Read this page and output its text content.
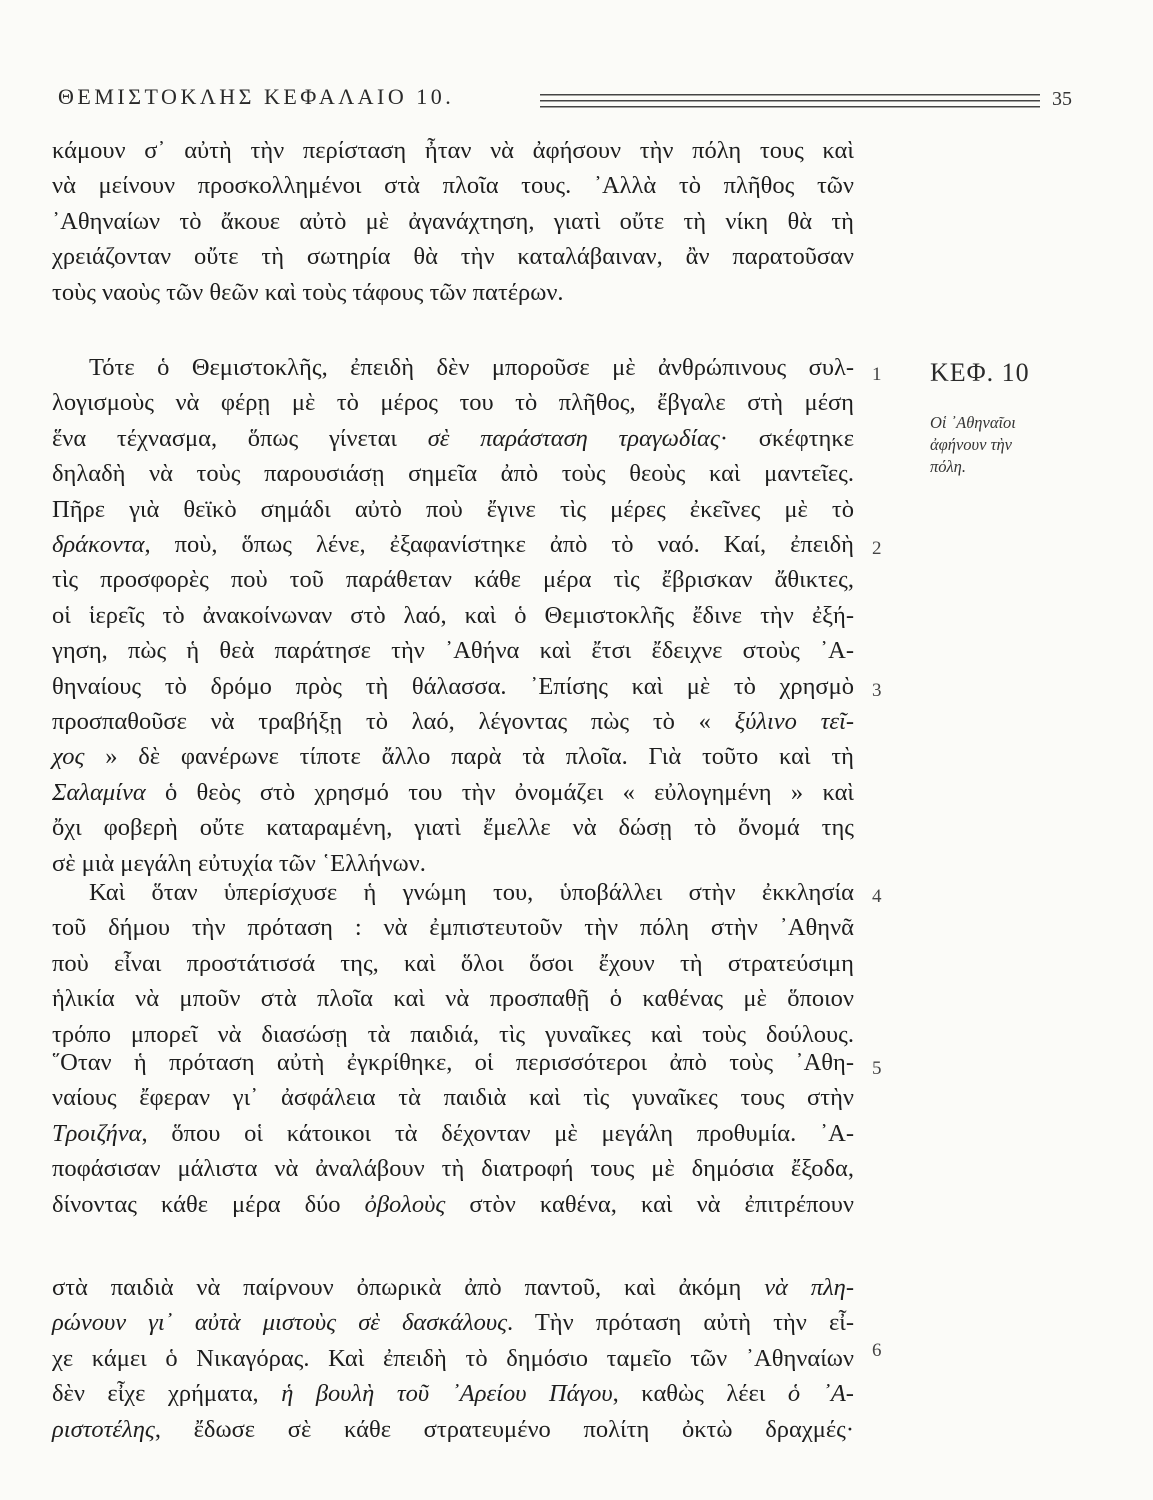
ΘΕΜΙΣΤΟΚΛΗΣ ΚΕΦΑΛΑΙΟ 10.	35
κάμουν σ᾿ αὐτὴ τὴν περίσταση ἦταν νὰ ἀφήσουν τὴν πόλη τους καὶ
νὰ μείνουν προσκολλημένοι στὰ πλοῖα τους. ᾿Αλλὰ τὸ πλῆθος τῶν
᾿Αθηναίων τὸ ἄκουε αὐτὸ μὲ ἀγανάχτηση, γιατὶ οὔτε τὴ νίκη θὰ τὴ
χρειάζονταν οὔτε τὴ σωτηρία θὰ τὴν καταλάβαιναν, ἂν παρατοῦσαν
τοὺς ναοὺς τῶν θεῶν καὶ τοὺς τάφους τῶν πατέρων.
Τότε ὁ Θεμιστοκλῆς, ἐπειδὴ δὲν μποροῦσε μὲ ἀνθρώπινους συλ-
λογισμοὺς νὰ φέρῃ μὲ τὸ μέρος του τὸ πλῆθος, ἔβγαλε στὴ μέση
ἕνα τέχνασμα, ὅπως γίνεται σὲ παράσταση τραγωδίας· σκέφτηκε
δηλαδὴ νὰ τοὺς παρουσιάσῃ σημεῖα ἀπὸ τοὺς θεοὺς καὶ μαντεῖες.
Πῆρε γιὰ θεϊκὸ σημάδι αὐτὸ ποὺ ἔγινε τὶς μέρες ἐκεῖνες μὲ τὸ
δράκοντα, ποὺ, ὅπως λένε, ἐξαφανίστηκε ἀπὸ τὸ ναό. Καί, ἐπειδὴ
τὶς προσφορὲς ποὺ τοῦ παράθεταν κάθε μέρα τὶς ἔβρισκαν ἄθικτες,
οἱ ἱερεῖς τὸ ἀνακοίνωναν στὸ λαό, καὶ ὁ Θεμιστοκλῆς ἔδινε τὴν ἐξή-
γηση, πὼς ἡ θεὰ παράτησε τὴν ᾿Αθήνα καὶ ἔτσι ἔδειχνε στοὺς ᾿Α-
θηναίους τὸ δρόμο πρὸς τὴ θάλασσα. ᾿Επίσης καὶ μὲ τὸ χρησμὸ
προσπαθοῦσε νὰ τραβήξῃ τὸ λαό, λέγοντας πὼς τὸ « ξύλινο τεῖ-
χος » δὲ φανέρωνε τίποτε ἄλλο παρὰ τὰ πλοῖα. Γιὰ τοῦτο καὶ τὴ
Σαλαμίνα ὁ θεὸς στὸ χρησμό του τὴν ὀνομάζει « εὐλογημένη » καὶ
ὄχι φοβερὴ οὔτε καταραμένη, γιατὶ ἔμελλε νὰ δώσῃ τὸ ὄνομά της
σὲ μιὰ μεγάλη εὐτυχία τῶν ῾Ελλήνων.
Καὶ ὅταν ὑπερίσχυσε ἡ γνώμη του, ὑποβάλλει στὴν ἐκκλησία
τοῦ δήμου τὴν πρόταση : νὰ ἐμπιστευτοῦν τὴν πόλη στὴν ᾿Αθηνᾶ
ποὺ εἶναι προστάτισσά της, καὶ ὅλοι ὅσοι ἔχουν τὴ στρατεύσιμη
ἡλικία νὰ μποῦν στὰ πλοῖα καὶ νὰ προσπαθῇ ὁ καθένας μὲ ὅποιον
τρόπο μπορεῖ νὰ διασώσῃ τὰ παιδιά, τὶς γυναῖκες καὶ τοὺς δούλους.
῞Οταν ἡ πρόταση αὐτὴ ἐγκρίθηκε, οἱ περισσότεροι ἀπὸ τοὺς ᾿Αθη-
ναίους ἔφεραν γι᾿ ἀσφάλεια τὰ παιδιὰ καὶ τὶς γυναῖκες τους στὴν
Τροιζήνα, ὅπου οἱ κάτοικοι τὰ δέχονταν μὲ μεγάλη προθυμία. ᾿Α-
ποφάσισαν μάλιστα νὰ ἀναλάβουν τὴ διατροφή τους μὲ δημόσια ἔξοδα,
δίνοντας κάθε μέρα δύο ὀβολοὺς στὸν καθένα, καὶ νὰ ἐπιτρέπουν
στὰ παιδιὰ νὰ παίρνουν ὀπωρικὰ ἀπὸ παντοῦ, καὶ ἀκόμη νὰ πλη-
ρώνουν γι᾿ αὐτὰ μιστοὺς σὲ δασκάλους. Τὴν πρόταση αὐτὴ τὴν εἶ-
χε κάμει ὁ Νικαγόρας. Καὶ ἐπειδὴ τὸ δημόσιο ταμεῖο τῶν ᾿Αθηναίων
δὲν εἶχε χρήματα, ἡ βουλὴ τοῦ ᾿Αρείου Πάγου, καθὼς λέει ὁ ᾿Α-
ριστοτέλης, ἔδωσε σὲ κάθε στρατευμένο πολίτη ὀκτὼ δραχμές·
ΚΕΦ. 10
Οἱ ᾿Αθηναῖοι
ἀφήνουν τὴν
πόλη.
1
2
3
4
5
6
